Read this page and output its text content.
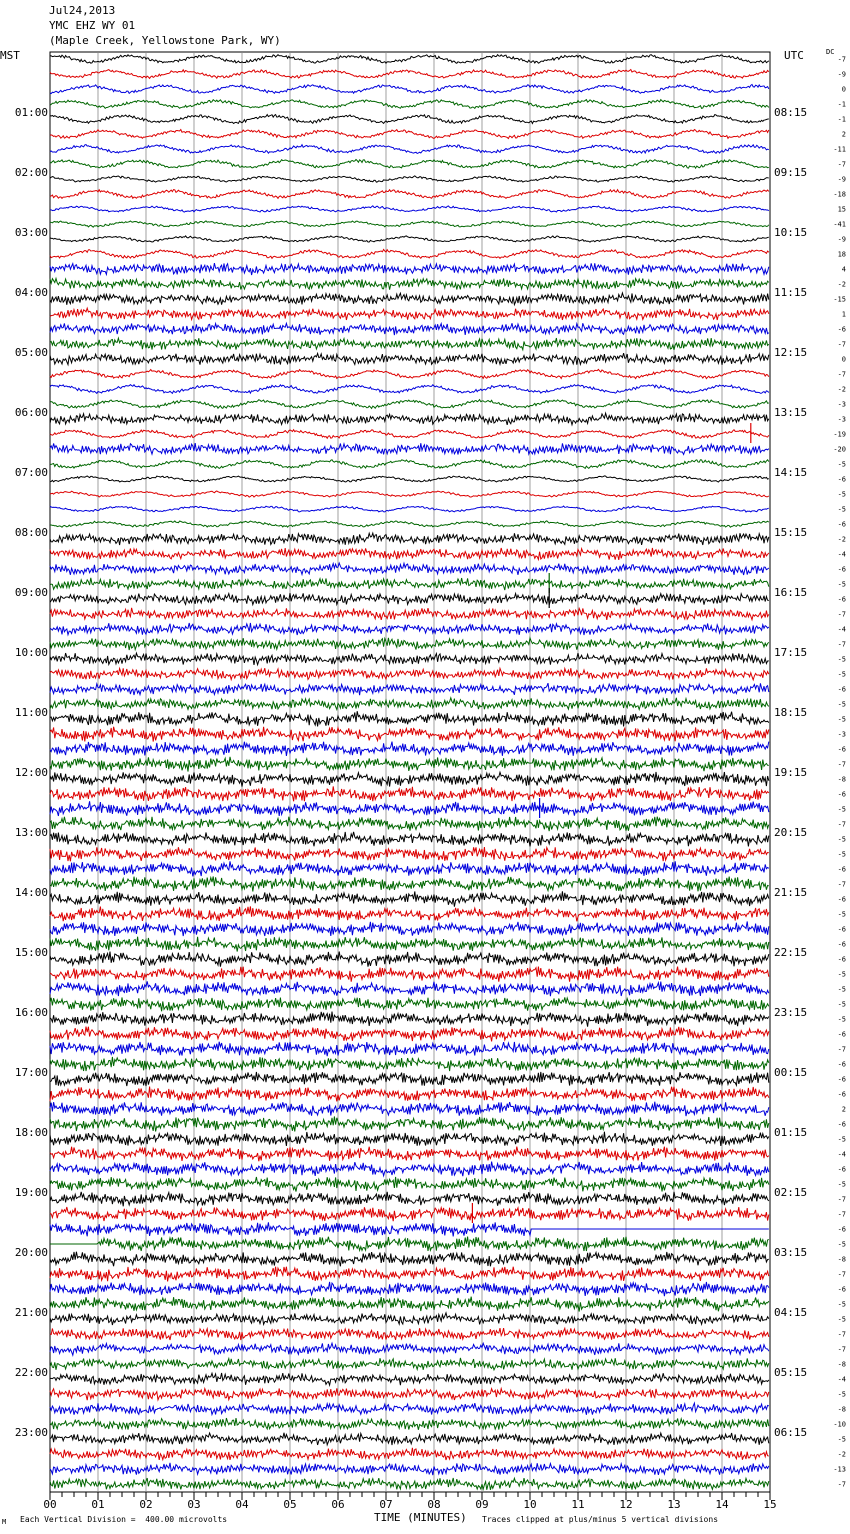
Jul24,2013
YMC EHZ WY 01
(Maple Creek, Yellowstone Park, WY)
MST	UTC	DC
-7
-9
0
-1
-1
2
-11
-7
-9
-18
15
-41
-9
18
4
-2
-15
1
-6
-7
0
-7
-2
-3
-3
-19
-20
-5
-6
-5
-5
-6
-2
-4
-6
-5
-6
-7
-4
-7
-5
-5
-6
-5
-5
-3
-6
-7
-8
-6
-5
-7
-5
-5
-6
-7
-6
-5
-6
-6
-6
-5
-5
-5
-5
-6
-7
-6
-6
-6
2
-6
-5
-4
-6
-5
-7
-7
-6
-5
-8
-7
-6
-5
-5
-7
-7
-8
-4
-5
-8
-10
-5
-2
-13
-7
01:00
02:00
03:00
04:00
05:00
06:00
07:00
08:00
09:00
10:00
11:00
12:00
13:00
14:00
15:00
16:00
17:00
18:00
19:00
20:00
21:00
22:00
23:00
08:15
09:15
10:15
11:15
12:15
13:15
14:15
15:15
16:15
17:15
18:15
19:15
20:15
21:15
22:15
23:15
00:15
01:15
02:15
03:15
04:15
05:15
06:15
00	01	02	03	04	05	06	07	08	09	10	11	12	13	14	15
M Each Vertical Division =  400.00 microvolts	TIME (MINUTES) Traces clipped at plus/minus 5 vertical divisions
